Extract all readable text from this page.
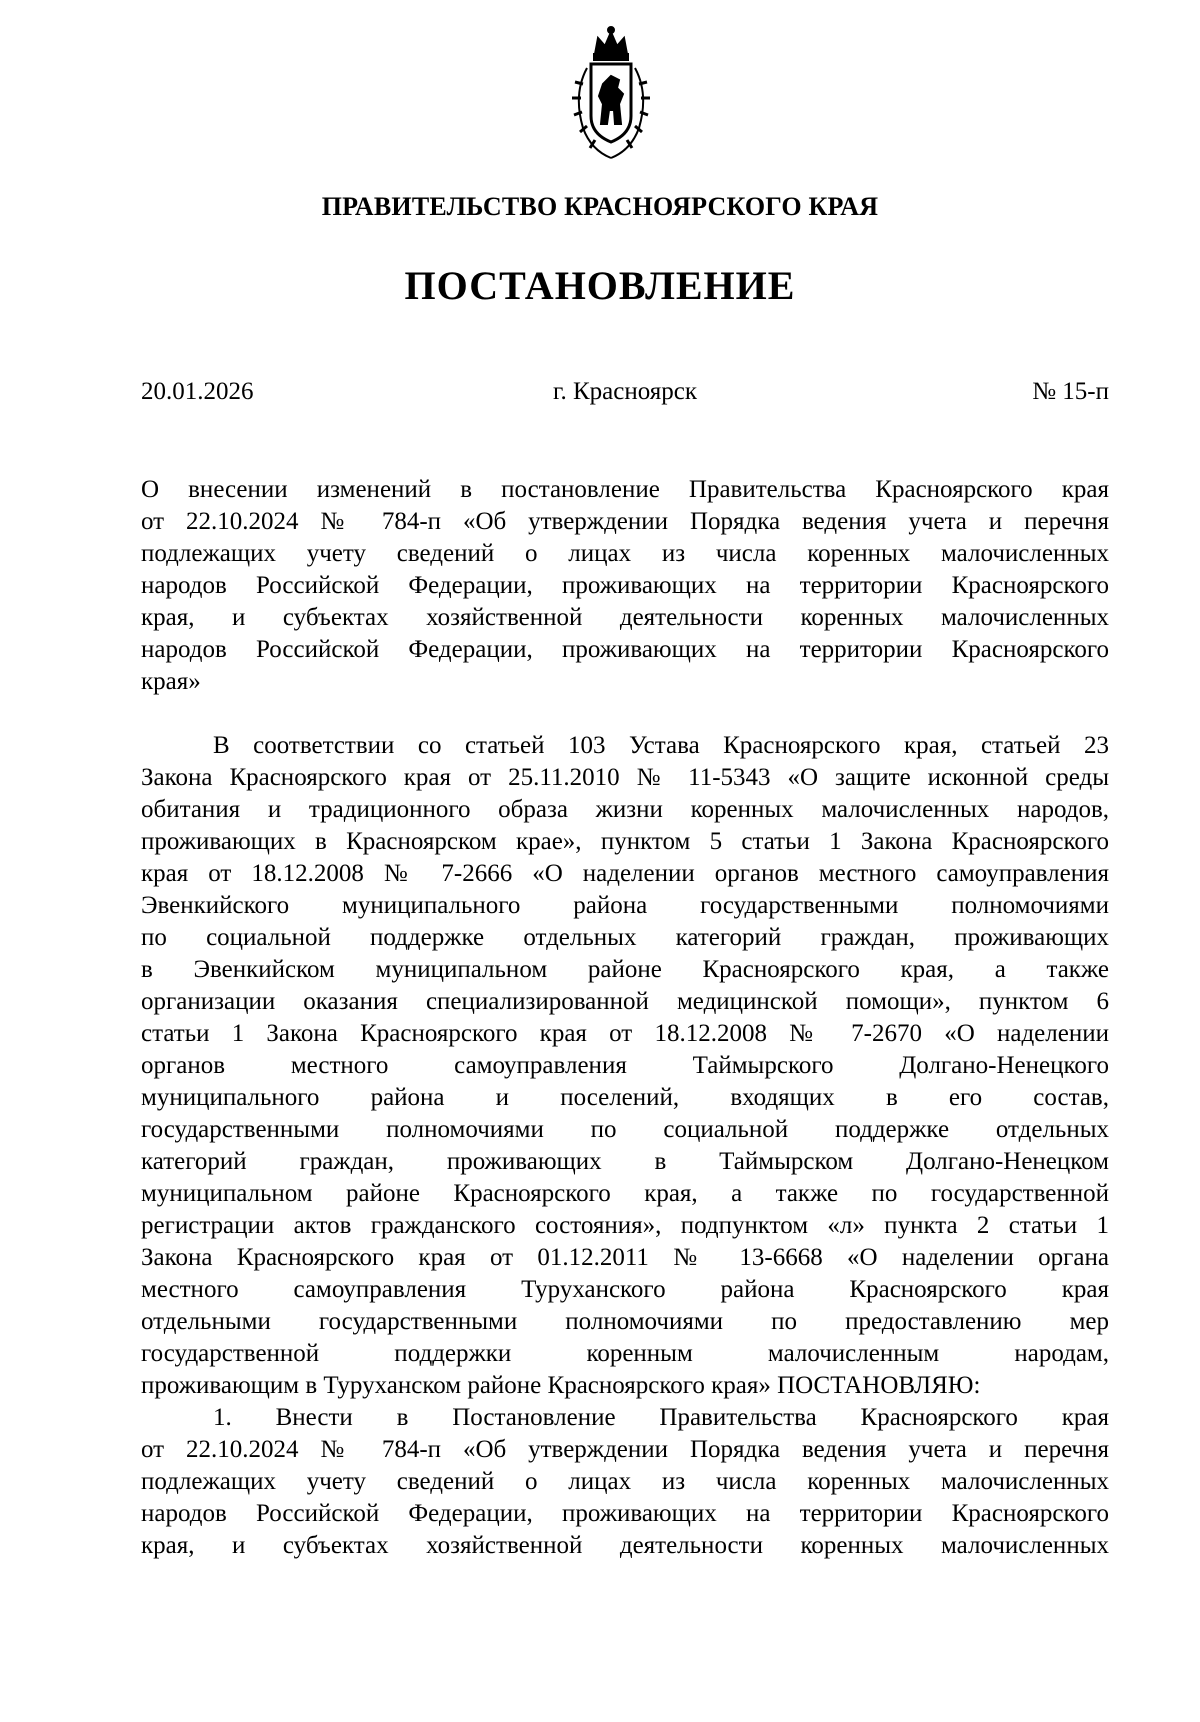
ПРАВИТЕЛЬСТВО КРАСНОЯРСКОГО КРАЯ
ПОСТАНОВЛЕНИЕ
г. Красноярск
20.01.2026	№ 15-п
О внесении изменений в постановление Правительства Красноярского края
от 22.10.2024 № 784-п «Об утверждении Порядка ведения учета и перечня
подлежащих учету сведений о лицах из числа коренных малочисленных
народов Российской Федерации, проживающих на территории Красноярского
края, и субъектах хозяйственной деятельности коренных малочисленных
народов Российской Федерации, проживающих на территории Красноярского
края»
В соответствии со статьей 103 Устава Красноярского края, статьей 23
Закона Красноярского края от 25.11.2010 № 11-5343 «О защите исконной среды
обитания и традиционного образа жизни коренных малочисленных народов,
проживающих в Красноярском крае», пунктом 5 статьи 1 Закона Красноярского
края от 18.12.2008 № 7-2666 «О наделении органов местного самоуправления
Эвенкийского муниципального района государственными полномочиями
по социальной поддержке отдельных категорий граждан, проживающих
в Эвенкийском муниципальном районе Красноярского края, а также
организации оказания специализированной медицинской помощи», пунктом 6
статьи 1 Закона Красноярского края от 18.12.2008 № 7-2670 «О наделении
органов местного самоуправления Таймырского Долгано-Ненецкого
муниципального района и поселений, входящих в его состав,
государственными полномочиями по социальной поддержке отдельных
категорий граждан, проживающих в Таймырском Долгано-Ненецком
муниципальном районе Красноярского края, а также по государственной
регистрации актов гражданского состояния», подпунктом «л» пункта 2 статьи 1
Закона Красноярского края от 01.12.2011 № 13-6668 «О наделении органа
местного самоуправления Туруханского района Красноярского края
отдельными государственными полномочиями по предоставлению мер
государственной поддержки коренным малочисленным народам,
проживающим в Туруханском районе Красноярского края» ПОСТАНОВЛЯЮ:
1. Внести в Постановление Правительства Красноярского края
от 22.10.2024 № 784-п «Об утверждении Порядка ведения учета и перечня
подлежащих учету сведений о лицах из числа коренных малочисленных
народов Российской Федерации, проживающих на территории Красноярского
края, и субъектах хозяйственной деятельности коренных малочисленных
